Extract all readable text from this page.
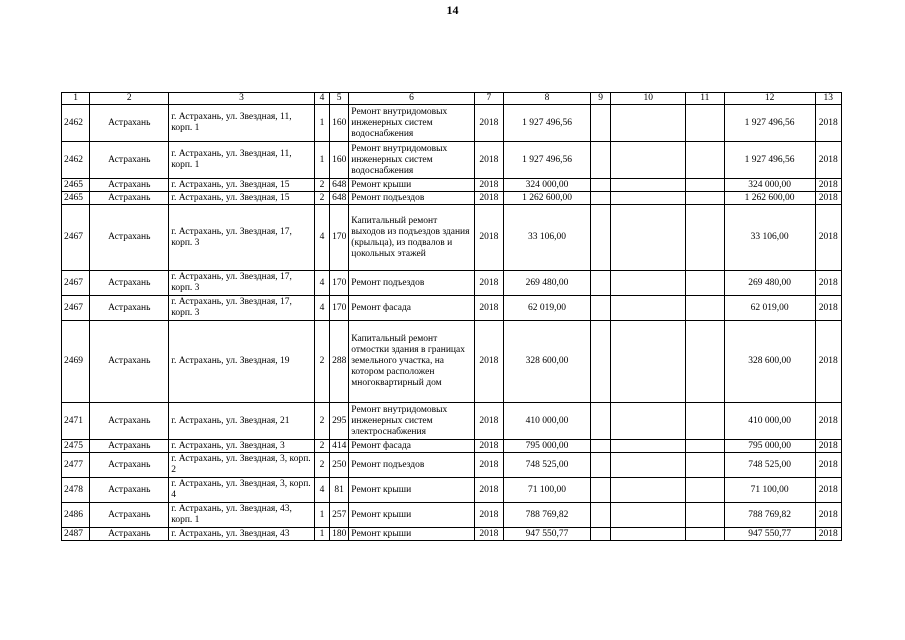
14
1	2	3	4	5	6	7	8	9	10	11	12	13
2462	Астрахань	г. Астрахань, ул. Звездная, 11, корп. 1	1	160	Ремонт внутридомовых инженерных систем водоснабжения	2018	1 927 496,56				1 927 496,56	2018
2462	Астрахань	г. Астрахань, ул. Звездная, 11, корп. 1	1	160	Ремонт внутридомовых инженерных систем водоснабжения	2018	1 927 496,56				1 927 496,56	2018
2465	Астрахань	г. Астрахань, ул. Звездная, 15	2	648	Ремонт крыши	2018	324 000,00				324 000,00	2018
2465	Астрахань	г. Астрахань, ул. Звездная, 15	2	648	Ремонт подъездов	2018	1 262 600,00				1 262 600,00	2018
2467	Астрахань	г. Астрахань, ул. Звездная, 17, корп. 3	4	170	Капитальный ремонт выходов из подъездов здания (крыльца), из подвалов и цокольных этажей	2018	33 106,00				33 106,00	2018
2467	Астрахань	г. Астрахань, ул. Звездная, 17, корп. 3	4	170	Ремонт подъездов	2018	269 480,00				269 480,00	2018
2467	Астрахань	г. Астрахань, ул. Звездная, 17, корп. 3	4	170	Ремонт фасада	2018	62 019,00				62 019,00	2018
2469	Астрахань	г. Астрахань, ул. Звездная, 19	2	288	Капитальный ремонт отмостки здания в границах земельного участка, на котором расположен многоквартирный дом	2018	328 600,00				328 600,00	2018
2471	Астрахань	г. Астрахань, ул. Звездная, 21	2	295	Ремонт внутридомовых инженерных систем электроснабжения	2018	410 000,00				410 000,00	2018
2475	Астрахань	г. Астрахань, ул. Звездная, 3	2	414	Ремонт фасада	2018	795 000,00				795 000,00	2018
2477	Астрахань	г. Астрахань, ул. Звездная, 3, корп. 2	2	250	Ремонт подъездов	2018	748 525,00				748 525,00	2018
2478	Астрахань	г. Астрахань, ул. Звездная, 3, корп. 4	4	81	Ремонт крыши	2018	71 100,00				71 100,00	2018
2486	Астрахань	г. Астрахань, ул. Звездная, 43, корп. 1	1	257	Ремонт крыши	2018	788 769,82				788 769,82	2018
2487	Астрахань	г. Астрахань, ул. Звездная, 43	1	180	Ремонт крыши	2018	947 550,77				947 550,77	2018
